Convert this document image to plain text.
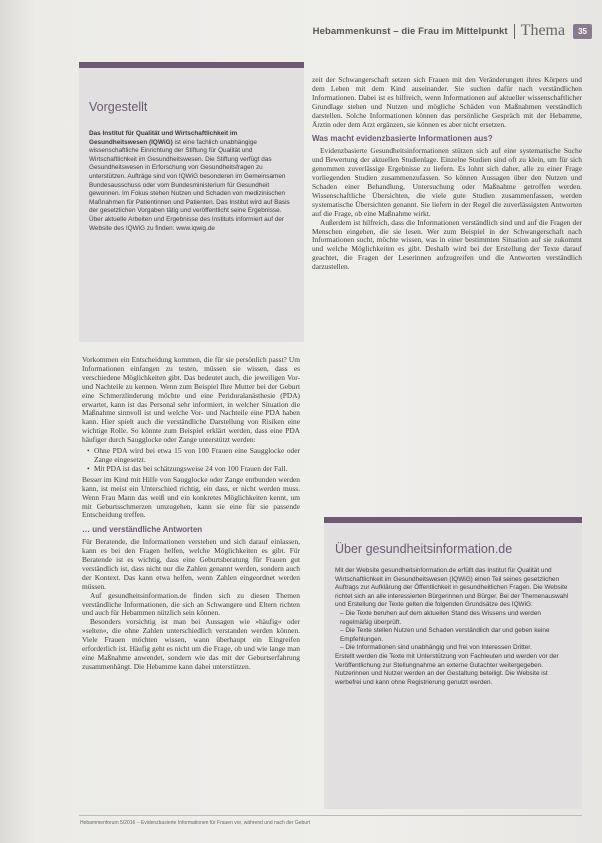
Hebammenkunst – die Frau im Mittelpunkt Thema	35
Vorgestellt

Das Institut für Qualität und Wirtschaftlichkeit im Gesundheitswesen (IQWiG) ist eine fachlich unabhängige wissenschaftliche Einrichtung der Stiftung für Qualität und Wirtschaftlichkeit im Gesundheitswesen. Die Stiftung verfügt das Gesundheitswesen in Erforschung von Gesundheitsfragen zu unterstützen. Aufträge sind von IQWiG besonderen im Gemeinsamen Bundesausschuss oder vom Bundesministerium für Gesundheit gewonnen. Im Fokus stehen Nutzen und Schaden von medizinischen Maßnahmen für Patientinnen und Patienten. Das Institut wird auf Basis der gesetzlichen Vorgaben tätig und veröffentlicht seine Ergebnisse. Über aktuelle Arbeiten und Ergebnisse des Instituts informiert auf der Website des IQWiG zu finden: www.iqwig.de

Vorkommen ein Entscheidung kommen, die für sie persönlich passt? Um Informationen einfangen zu testen, müssen sie wissen, dass es verschiedene Möglichkeiten gibt. Das bedeutet auch, die jeweiligen Vor- und Nachteile zu kennen. Wenn zum Beispiel Ihre Mutter bei der Geburt eine Schmerzlinderung möchte und eine Periduralanästhesie (PDA) erwartet, kann ist das Personal sehr informiert, in welcher Situation die Maßnahme sinnvoll ist und welche Vor- und Nachteile eine PDA haben kann. Hier spielt auch die verständliche Darstellung von Risiken eine wichtige Rolle. So könnte zum Beispiel erklärt werden, dass eine PDA häufiger durch Saugglocke oder Zange unterstützt werden:

• Ohne PDA wird bei etwa 15 von 100 Frauen eine Saugglocke oder Zange eingesetzt.
• Mit PDA ist das bei schätzungsweise 24 von 100 Frauen der Fall.

Besser im Kind mit Hilfe von Saugglocke oder Zange entbunden werden kann, ist meist ein Unterschied richtig, ein dass, er nicht werden muss. Wenn Frau Mann das weiß und ein konkretes Möglichkeiten kennt, um mit Geburtsschmerzen umzugehen, kann sie eine für sie passende Entscheidung treffen.

… und verständliche Antworten

Für Beratende, die Informationen verstehen und sich darauf einlassen, kann es bei den Fragen helfen, welche Möglichkeiten es gibt. Für Beratende ist es wichtig, dass eine Geburtsberatung für Frauen gut verständlich ist, dass nicht nur die Zahlen genannt werden, sondern auch der Kontext. Das kann etwa helfen, wenn Zahlen eingeordnet werden müssen.

Auf gesundheitsinformation.de finden sich zu diesen Themen verständliche Informationen, die sich an Schwangere und Eltern richten und auch für Hebammen nützlich sein können.

Besonders vorsichtig ist man bei Aussagen wie »häufig« oder »selten«, die ohne Zahlen unterschiedlich verstanden werden können. Viele Frauen möchten wissen, wann überhaupt ein Eingreifen erforderlich ist. Häufig geht es nicht um die Frage, ob und wie lange man eine Maßnahme anwendet, sondern wie das mit der Geburtserfahrung zusammenhängt. Die Hebamme kann dabei unterstützen.

zeit der Schwangerschaft setzen sich Frauen mit den Veränderungen ihres Körpers und dem Leben mit dem Kind auseinander. Sie suchen dafür nach verständlichen Informationen. Dabei ist es hilfreich, wenn Informationen auf aktueller wissenschaftlicher Grundlage stehen und Nutzen und mögliche Schäden von Maßnahmen verständlich darstellen. Solche Informationen können das persönliche Gespräch mit der Hebamme, Ärztin oder dem Arzt ergänzen, sie können es aber nicht ersetzen.

Was macht evidenzbasierte Informationen aus?

Evidenzbasierte Gesundheitsinformationen stützen sich auf eine systematische Suche und Bewertung der aktuellen Studienlage. Einzelne Studien sind oft zu klein, um für sich genommen zuverlässige Ergebnisse zu liefern. Es lohnt sich daher, alle zu einer Frage vorliegenden Studien zusammenzufassen. So können Aussagen über den Nutzen und Schaden einer Behandlung, Untersuchung oder Maßnahme getroffen werden. Wissenschaftliche Übersichten, die viele gute Studien zusammenfassen, werden systematische Übersichten genannt. Sie liefern in der Regel die zuverlässigsten Antworten auf die Frage, ob eine Maßnahme wirkt.

Außerdem ist hilfreich, dass die Informationen verständlich sind und auf die Fragen der Menschen eingehen, die sie lesen. Wer zum Beispiel in der Schwangerschaft nach Informationen sucht, möchte wissen, was in einer bestimmten Situation auf sie zukommt und welche Möglichkeiten es gibt. Deshalb wird bei der Erstellung der Texte darauf geachtet, die Fragen der Leserinnen aufzugreifen und die Antworten verständlich darzustellen.

Über gesundheitsinformation.de

Mit der Website gesundheitsinformation.de erfüllt das Institut für Qualität und Wirtschaftlichkeit im Gesundheitswesen (IQWiG) einen Teil seines gesetzlichen Auftrags zur Aufklärung der Öffentlichkeit in gesundheitlichen Fragen. Die Website richtet sich an alle interessierten Bürgerinnen und Bürger. Bei der Themenauswahl und Erstellung der Texte gelten die folgenden Grundsätze des IQWiG:

– Die Texte beruhen auf dem aktuellen Stand des Wissens und werden regelmäßig überprüft.

– Die Texte stellen Nutzen und Schaden verständlich dar und geben keine Empfehlungen.

– Die Informationen sind unabhängig und frei von Interessen Dritter.

Erstellt werden die Texte mit Unterstützung von Fachleuten und werden vor der Veröffentlichung zur Stellungnahme an externe Gutachter weitergegeben. Nutzerinnen und Nutzer werden an der Gestaltung beteiligt. Die Website ist werbefrei und kann ohne Registrierung genutzt werden.

Hebammenforum 5/2016 – Evidenzbasierte Informationen für Frauen vor, während und nach der Geburt
